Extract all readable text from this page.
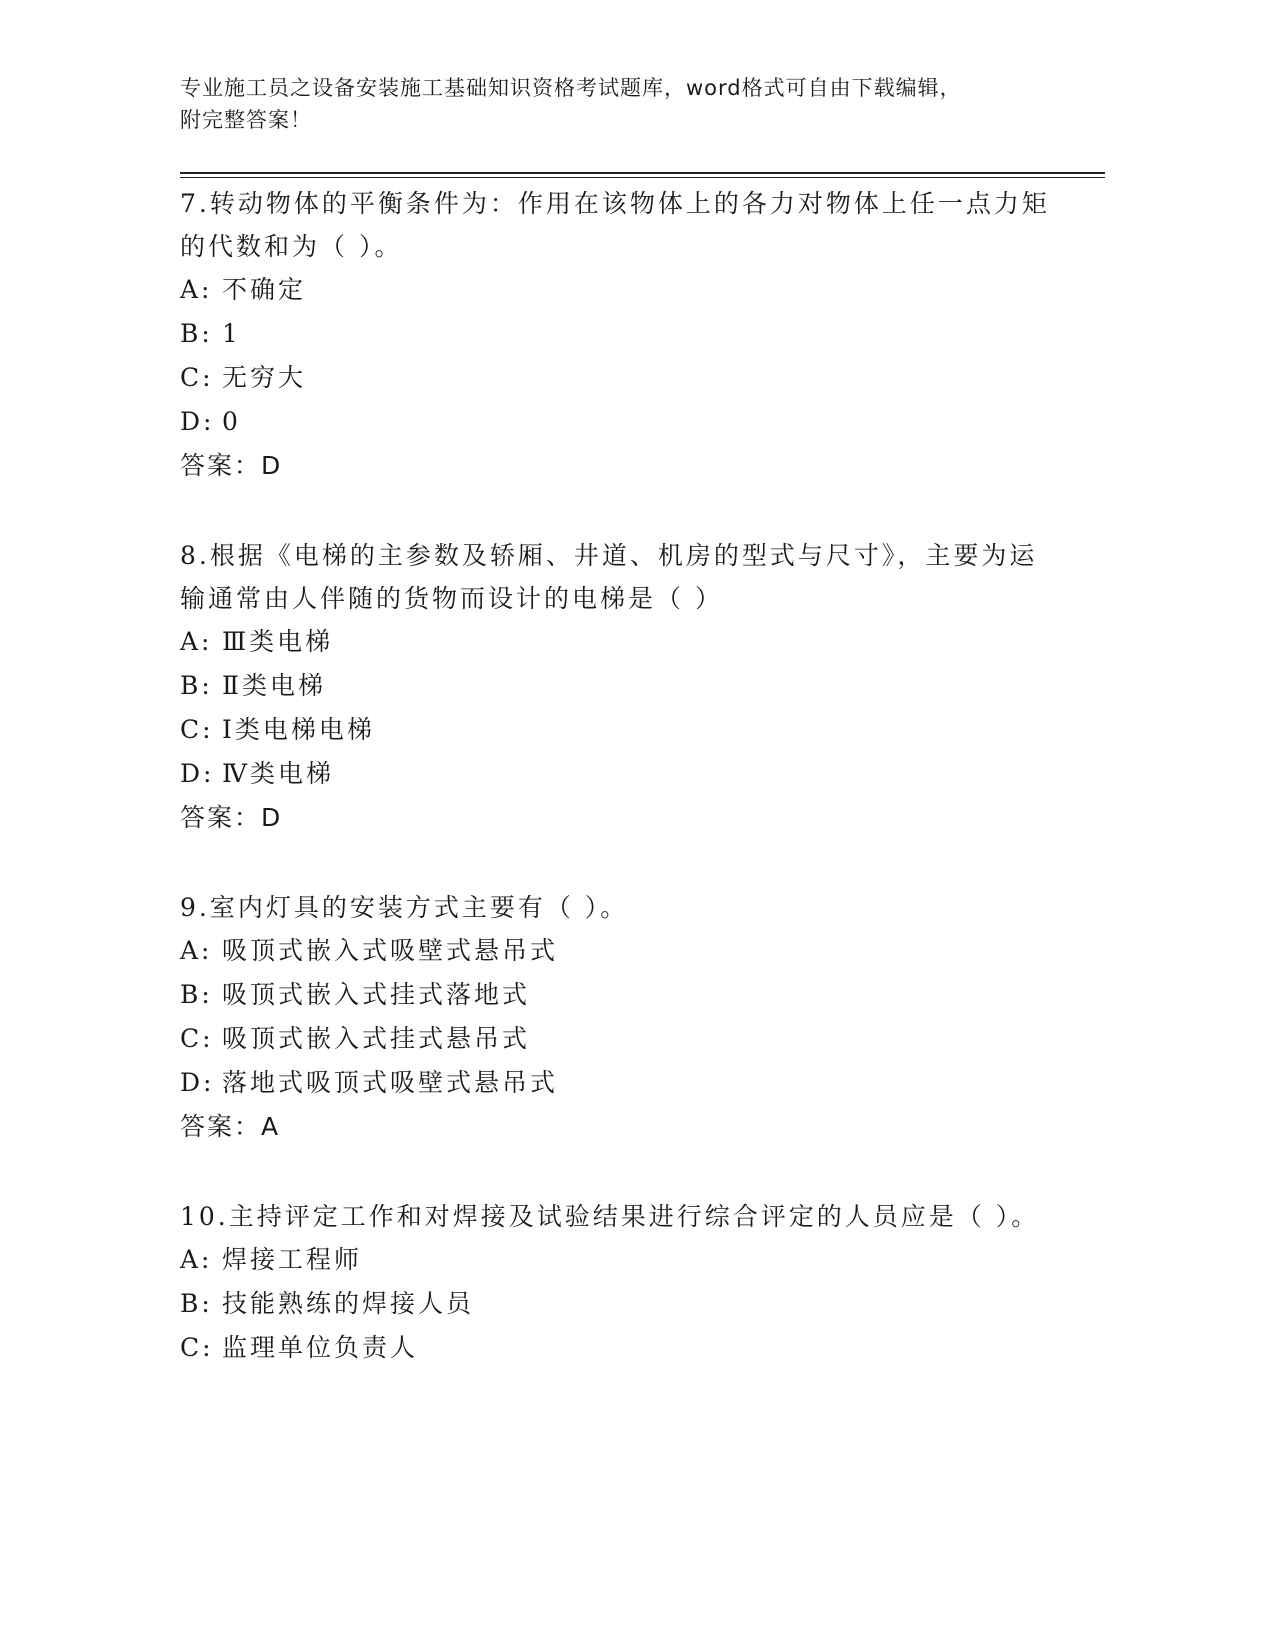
专业施工员之设备安装施工基础知识资格考试题库，word格式可自由下载编辑，
附完整答案！

7.转动物体的平衡条件为：作用在该物体上的各力对物体上任一点力矩的代数和为（ ）。

A: 不确定
B: 1
C: 无穷大
D: 0
答案：D

8.根据《电梯的主参数及轿厢、井道、机房的型式与尺寸》，主要为运输通常由人伴随的货物而设计的电梯是（ ）

A: Ⅲ类电梯
B: Ⅱ类电梯
C: Ⅰ类电梯电梯
D: Ⅳ类电梯
答案：D

9.室内灯具的安装方式主要有（ ）。

A: 吸顶式嵌入式吸壁式悬吊式
B: 吸顶式嵌入式挂式落地式
C: 吸顶式嵌入式挂式悬吊式
D: 落地式吸顶式吸壁式悬吊式
答案：A

10.主持评定工作和对焊接及试验结果进行综合评定的人员应是（ ）。

A: 焊接工程师
B: 技能熟练的焊接人员
C: 监理单位负责人
